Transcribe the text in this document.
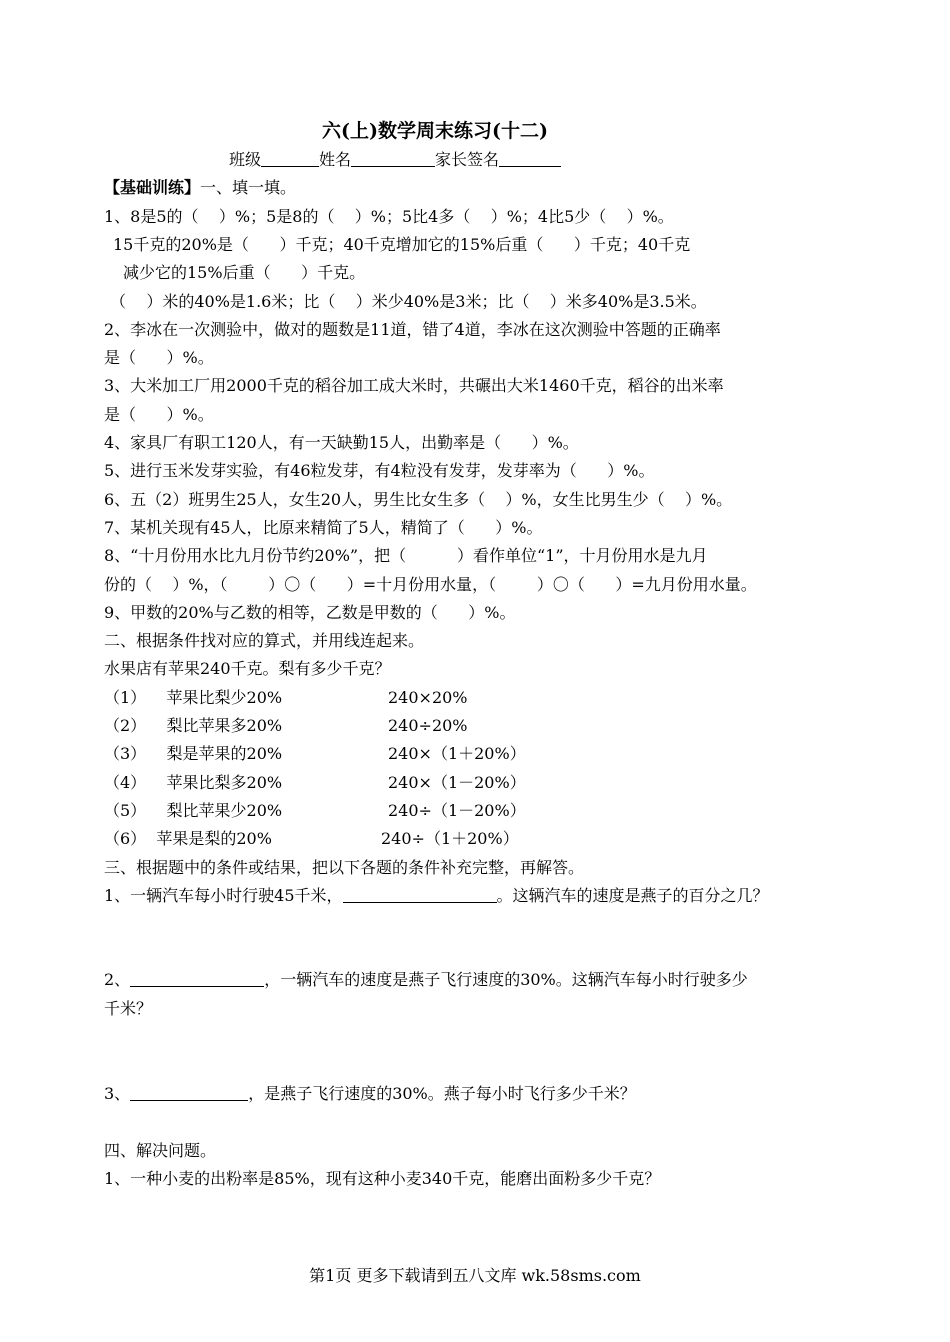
六(上)数学周末练习(十二)
班级	姓名	家长签名
【基础训练】一、填一填。
1、8是5的（    ）%；5是8的（    ）%；5比4多（    ）%；4比5少（    ）%。
15千克的20%是（      ）千克；40千克增加它的15%后重（      ）千克；40千克
减少它的15%后重（      ）千克。
（    ）米的40%是1.6米；比（    ）米少40%是3米；比（    ）米多40%是3.5米。
2、李冰在一次测验中，做对的题数是11道，错了4道，李冰在这次测验中答题的正确率
是（      ）%。
3、大米加工厂用2000千克的稻谷加工成大米时，共碾出大米1460千克，稻谷的出米率
是（      ）%。
4、家具厂有职工120人，有一天缺勤15人，出勤率是（      ）%。
5、进行玉米发芽实验，有46粒发芽，有4粒没有发芽，发芽率为（      ）%。
6、五（2）班男生25人，女生20人，男生比女生多（    ）%，女生比男生少（    ）%。
7、某机关现有45人，比原来精简了5人，精简了（      ）%。
8、“十月份用水比九月份节约20%”，把（          ）看作单位“1”，十月份用水是九月
份的（    ）%，（        ）〇（      ）=十月份用水量，（        ）〇（      ）=九月份用水量。
9、甲数的20%与乙数的相等，乙数是甲数的（      ）%。
二、根据条件找对应的算式，并用线连起来。
水果店有苹果240千克。梨有多少千克？
（1）    苹果比梨少20%	240×20%
（2）    梨比苹果多20%	240÷20%
（3）    梨是苹果的20%	240×（1＋20%）
（4）    苹果比梨多20%	240×（1－20%）
（5）    梨比苹果少20%	240÷（1－20%）
（6）  苹果是梨的20%	240÷（1＋20%）
三、根据题中的条件或结果，把以下各题的条件补充完整，再解答。
1、一辆汽车每小时行驶45千米，	。这辆汽车的速度是燕子的百分之几？
2、	，一辆汽车的速度是燕子飞行速度的30%。这辆汽车每小时行驶多少
千米？
3、	，是燕子飞行速度的30%。燕子每小时飞行多少千米？
四、解决问题。
1、一种小麦的出粉率是85%，现有这种小麦340千克，能磨出面粉多少千克？
第1页 更多下载请到五八文库 wk.58sms.com
